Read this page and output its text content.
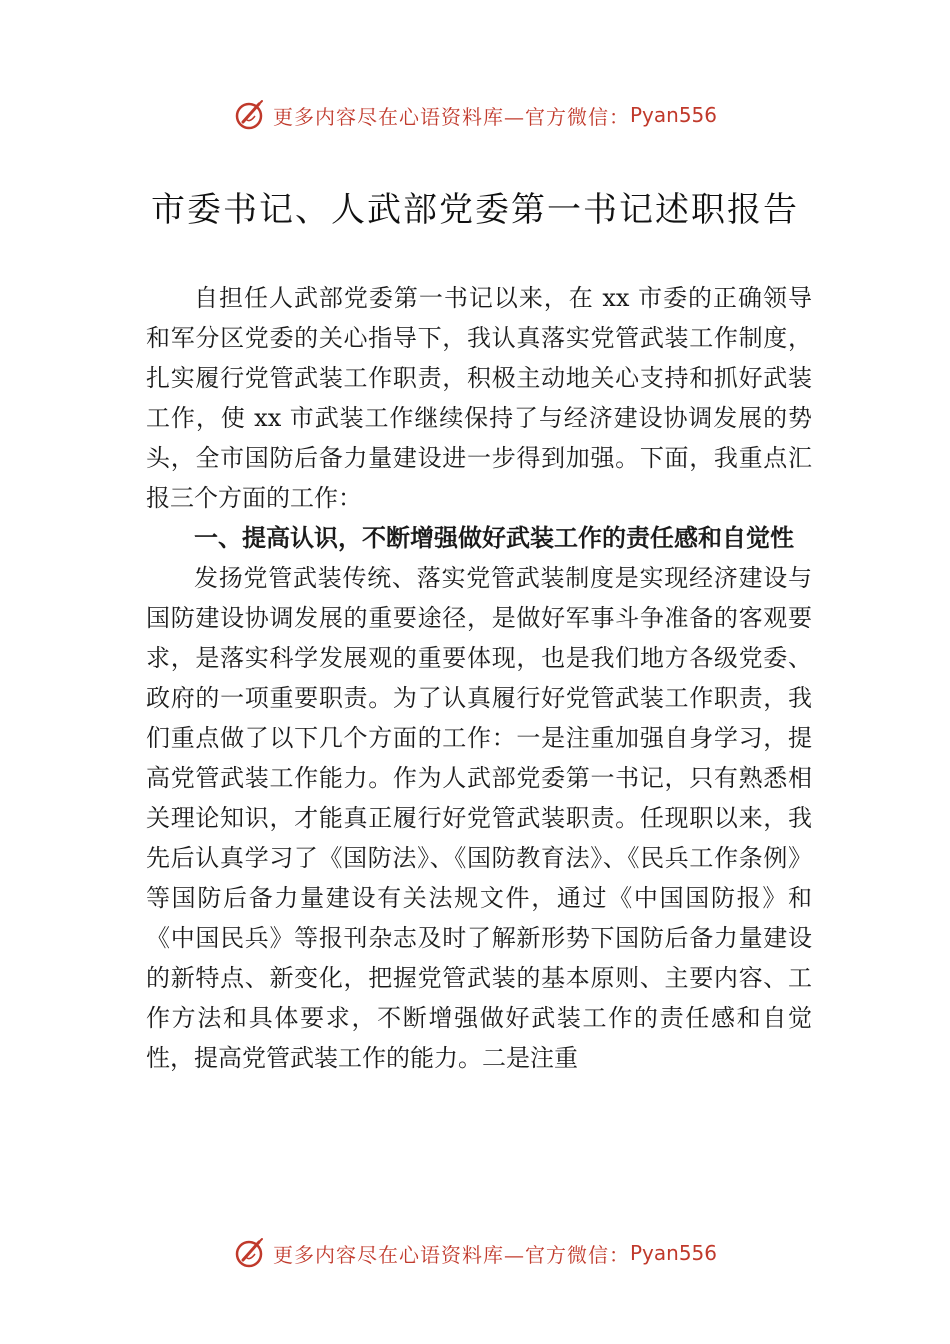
更多内容尽在心语资料库—官方微信： Pyan556
市委书记、人武部党委第一书记述职报告

自担任人武部党委第一书记以来，在 xx 市委的正确领导和军分区党委的关心指导下，我认真落实党管武装工作制度，扎实履行党管武装工作职责，积极主动地关心支持和抓好武装工作，使 xx 市武装工作继续保持了与经济建设协调发展的势头，全市国防后备力量建设进一步得到加强。下面，我重点汇报三个方面的工作：

一、提高认识，不断增强做好武装工作的责任感和自觉性

发扬党管武装传统、落实党管武装制度是实现经济建设与国防建设协调发展的重要途径，是做好军事斗争准备的客观要求，是落实科学发展观的重要体现，也是我们地方各级党委、政府的一项重要职责。为了认真履行好党管武装工作职责，我们重点做了以下几个方面的工作：一是注重加强自身学习，提高党管武装工作能力。作为人武部党委第一书记，只有熟悉相关理论知识，才能真正履行好党管武装职责。任现职以来，我先后认真学习了《国防法》、《国防教育法》、《民兵工作条例》等国防后备力量建设有关法规文件，通过《中国国防报》和《中国民兵》等报刊杂志及时了解新形势下国防后备力量建设的新特点、新变化，把握党管武装的基本原则、主要内容、工作方法和具体要求，不断增强做好武装工作的责任感和自觉性，提高党管武装工作的能力。二是注重

更多内容尽在心语资料库—官方微信： Pyan556
